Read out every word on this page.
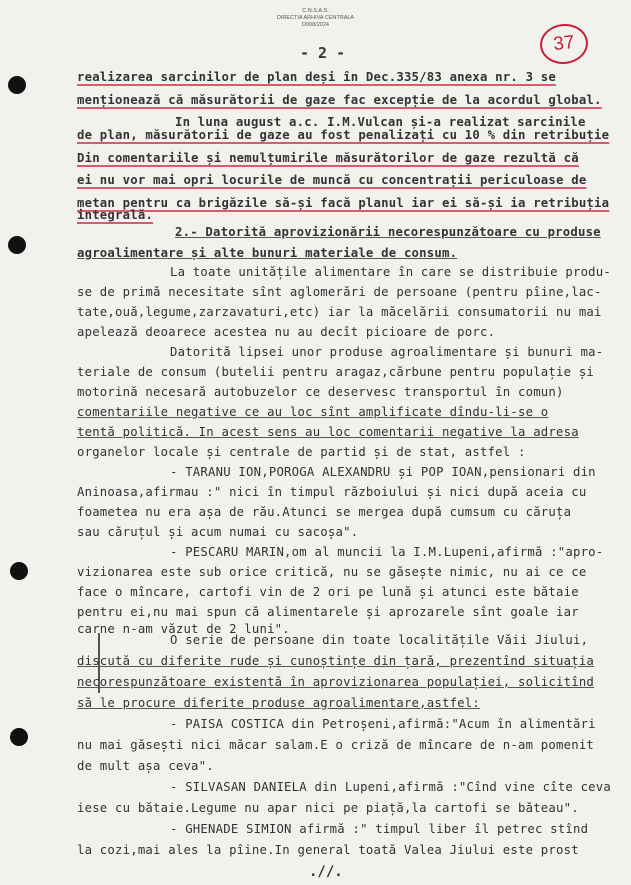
C.N.S.A.S.
DIRECTIA ARHIVA CENTRALA
D008/2024
- 2 -	37
realizarea sarcinilor de plan deși în Dec.335/83 anexa nr. 3 se
menționează că măsurătorii de gaze fac excepție de la acordul global.
In luna august a.c. I.M.Vulcan și-a realizat sarcinile
de plan, măsurătorii de gaze au fost penalizați cu 10 % din retribuție
Din comentariile și nemulțumirile măsurătorilor de gaze rezultă că
ei nu vor mai opri locurile de muncă cu concentrații periculoase de
metan pentru ca brigăzile să-și facă planul iar ei să-și ia retribuția
integrală.
2.- Datorită aprovizionării necorespunzătoare cu produse
agroalimentare și alte bunuri materiale de consum.
La toate unitățile alimentare în care se distribuie produ-
se de primă necesitate sînt aglomerări de persoane (pentru pîine,lac-
tate,ouă,legume,zarzavaturi,etc) iar la măcelării consumatorii nu mai
apelează deoarece acestea nu au decît picioare de porc.
Datorită lipsei unor produse agroalimentare și bunuri ma-
teriale de consum (butelii pentru aragaz,cărbune pentru populație și
motorină necesară autobuzelor ce deservesc transportul în comun)
comentariile negative ce au loc sînt amplificate dîndu-li-se o
tentă politică. In acest sens au loc comentarii negative la adresa
organelor locale și centrale de partid și de stat, astfel :
- TARANU ION,POROGA ALEXANDRU și POP IOAN,pensionari din
Aninoasa,afirmau :" nici în timpul războiului și nici după aceia cu
foametea nu era așa de rău.Atunci se mergea după cumsum cu căruța
sau căruțul și acum numai cu sacoșa".
- PESCARU MARIN,om al muncii la I.M.Lupeni,afirmă :"apro-
vizionarea este sub orice critică, nu se găsește nimic, nu ai ce ce
face o mîncare, cartofi vin de 2 ori pe lună și atunci este bătaie
pentru ei,nu mai spun că alimentarele și aprozarele sînt goale iar
carne n-am văzut de 2 luni".
O serie de persoane din toate localitățile Văii Jiului,
discută cu diferite rude și cunoștințe din țară, prezentînd situația
necorespunzătoare existentă în aprovizionarea populației, solicitînd
să le procure diferite produse agroalimentare,astfel:
- PAISA COSTICA din Petroșeni,afirmă:"Acum în alimentări
nu mai găsești nici măcar salam.E o criză de mîncare de n-am pomenit
de mult așa ceva".
.//.
- SILVASAN DANIELA din Lupeni,afirmă :"Cînd vine cîte ceva
iese cu bătaie.Legume nu apar nici pe piață,la cartofi se băteau".
- GHENADE SIMION afirmă :" timpul liber îl petrec stînd
la cozi,mai ales la pîine.In general toată Valea Jiului este prost
